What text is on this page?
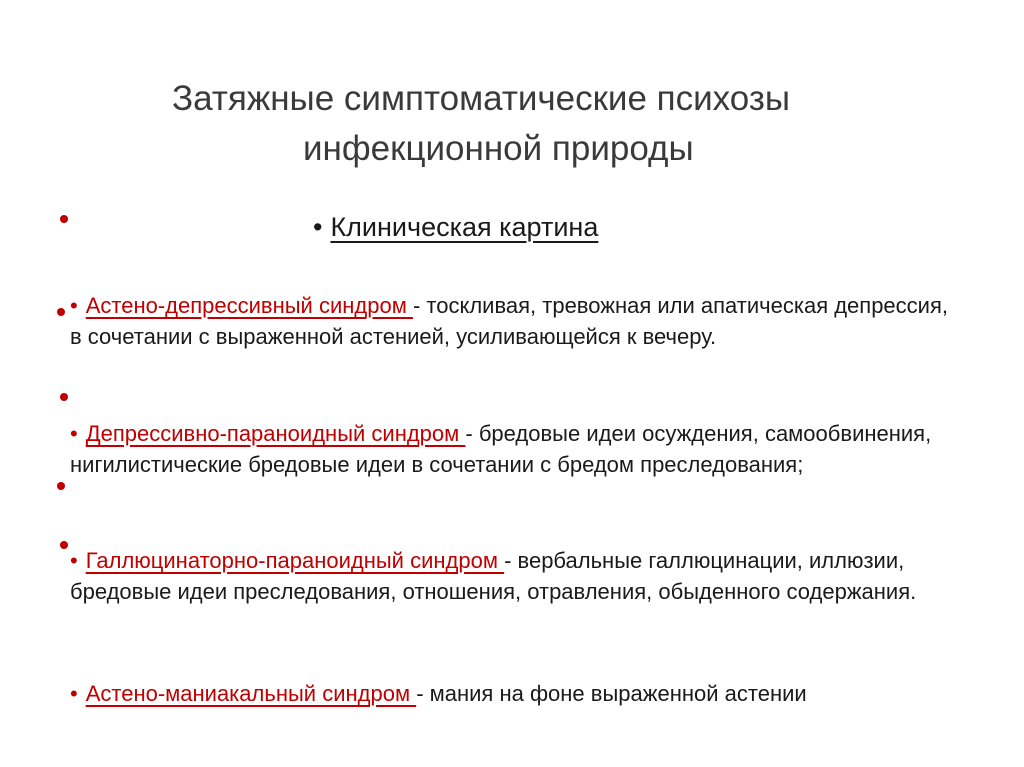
Затяжные симптоматические психозы
инфекционной природы
• Клиническая картина
• Астено-депрессивный синдром - тоскливая, тревожная или апатическая депрессия, в сочетании с выраженной астенией, усиливающейся к вечеру.
• Депрессивно-параноидный синдром - бредовые идеи осуждения, самообвинения, нигилистические бредовые идеи в сочетании с бредом преследования;
• Галлюцинаторно-параноидный синдром - вербальные галлюцинации, иллюзии, бредовые идеи преследования, отношения, отравления, обыденного содержания.
• Астено-маниакальный синдром - мания на фоне выраженной астении
